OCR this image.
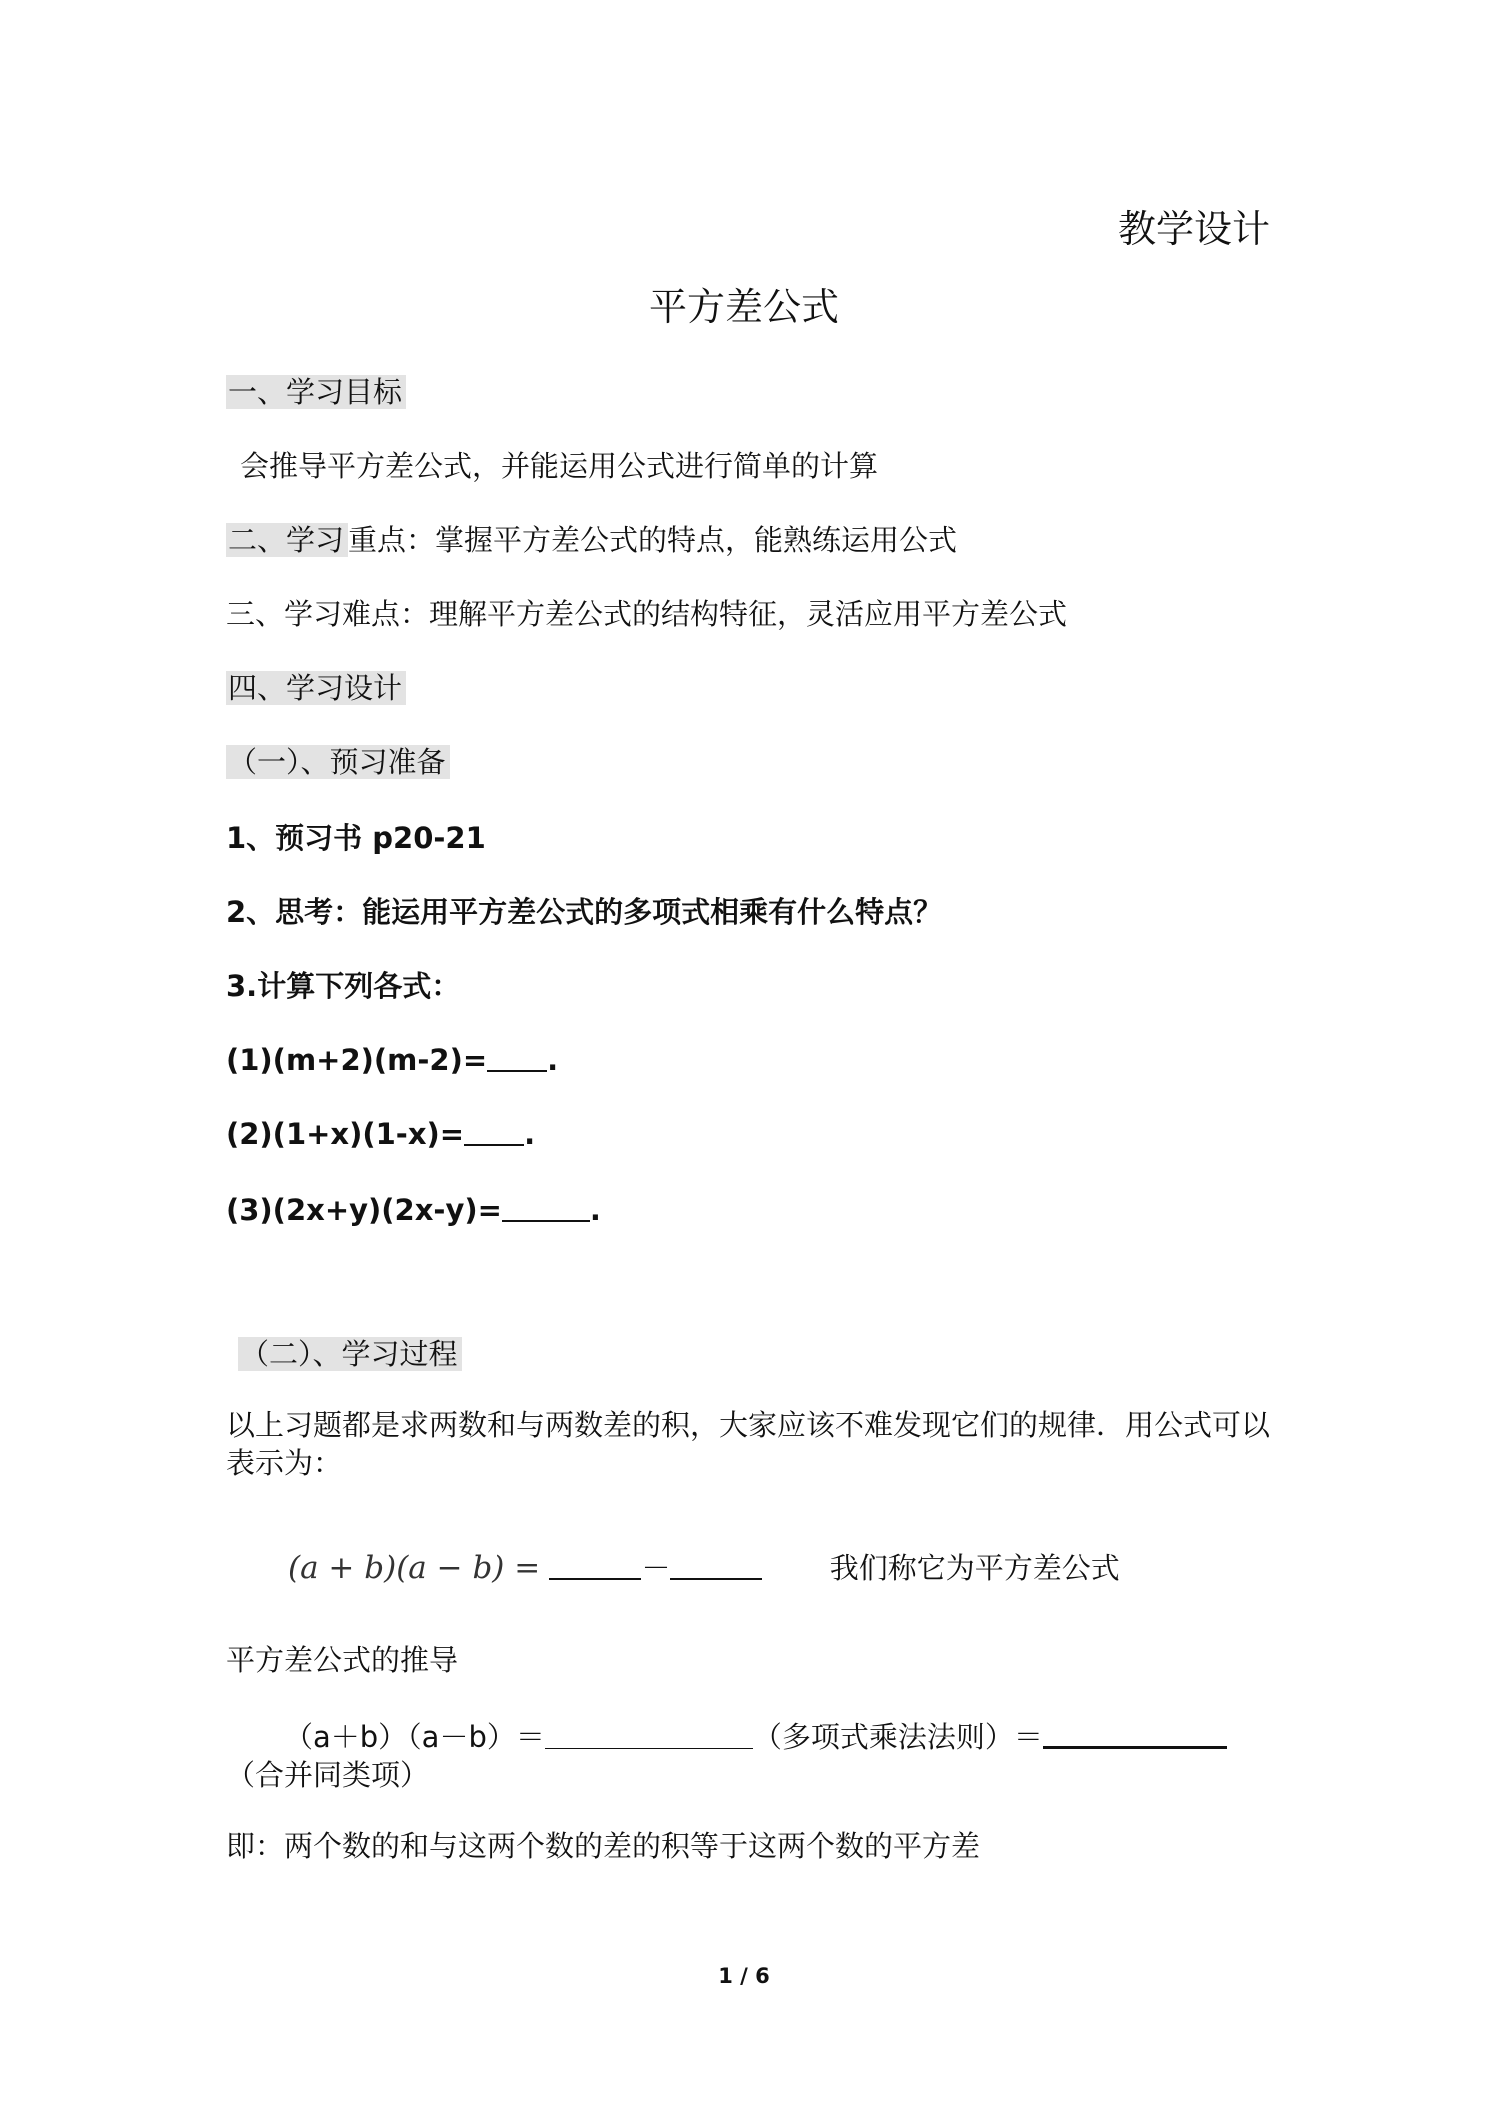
教学设计
平方差公式
一、学习目标
会推导平方差公式，并能运用公式进行简单的计算
二、学习 重点：掌握平方差公式的特点，能熟练运用公式
三、学习难点：理解平方差公式的结构特征，灵活应用平方差公式
四、学习设计
（一）、预习准备
1、预习书 p20-21
2、思考：能运用平方差公式的多项式相乘有什么特点？
3.计算下列各式：
(1)(m+2)(m-2)= .
(2)(1+x)(1-x)= .
(3)(2x+y)(2x-y)=	.
（二）、学习过程
以上习题都是求两数和与两数差的积，大家应该不难发现它们的规律．用公式可以表示为：
(a + b)(a − b) =	－	我们称它为平方差公式
平方差公式的推导
（a＋b）（a－b）＝	（多项式乘法法则）＝（合并同类项）
即：两个数的和与这两个数的差的积等于这两个数的平方差
1 / 6
